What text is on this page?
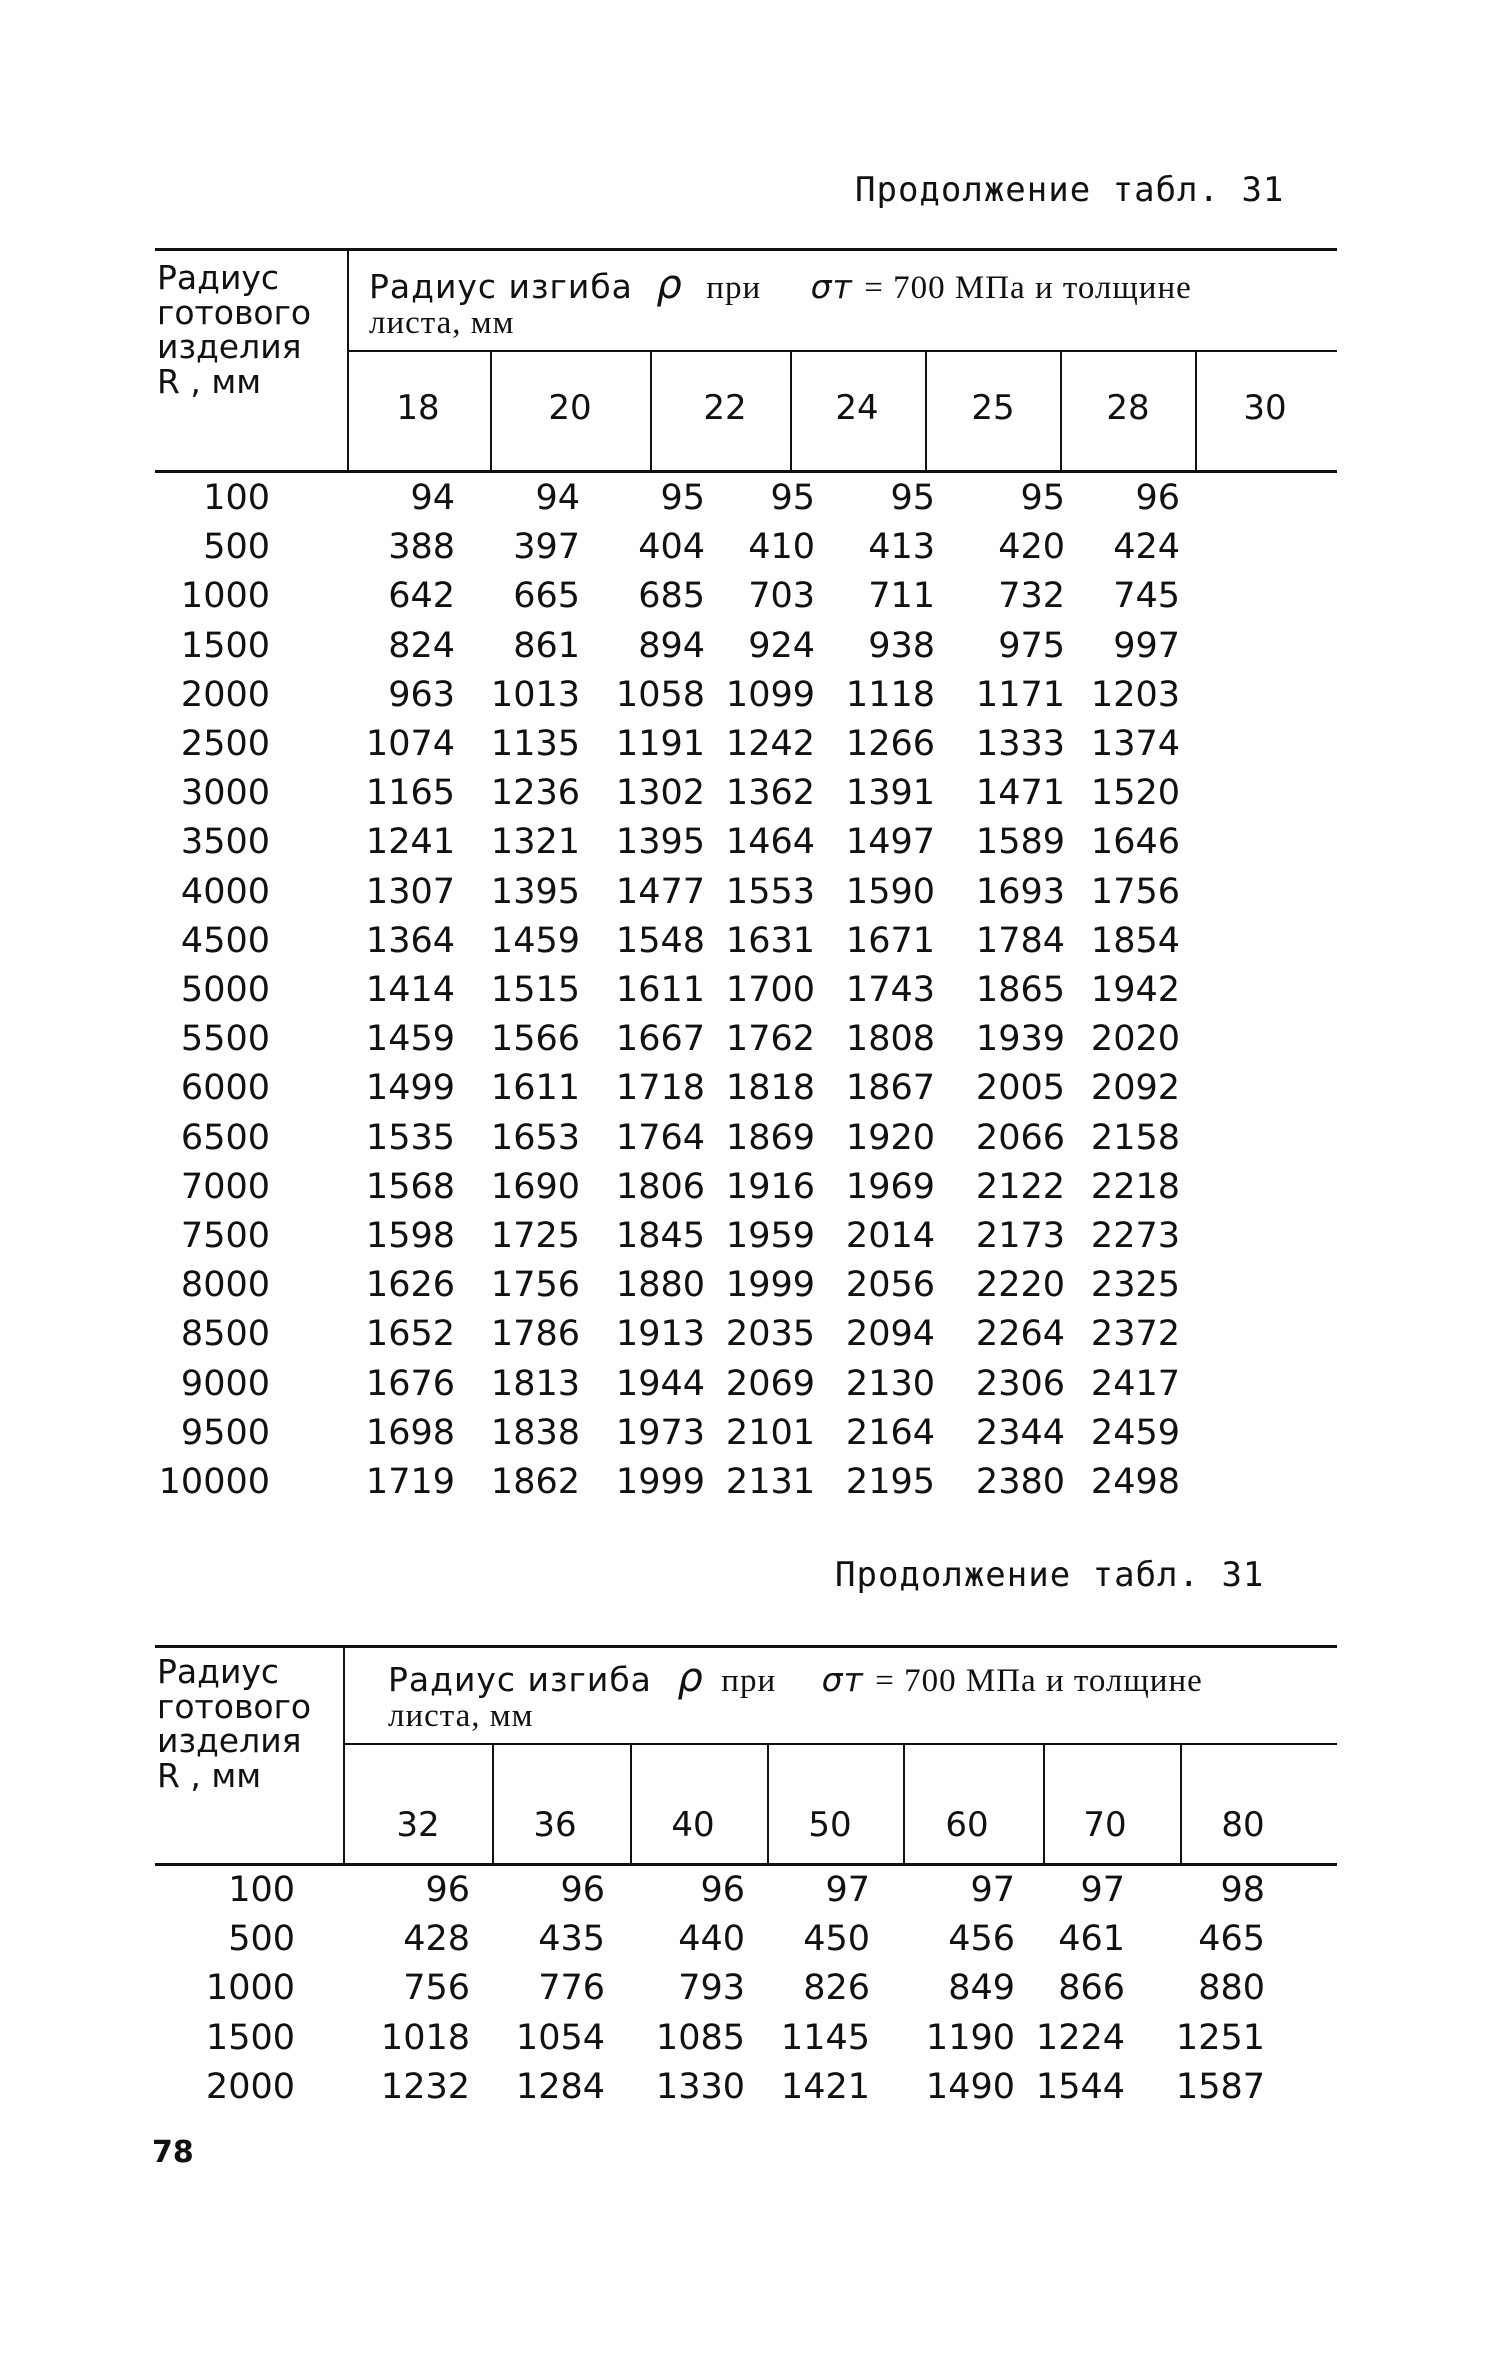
Продолжение табл. 31
Радиус
готового
изделия
R , мм
Радиус изгиба ρ при σт = 700 МПа и толщине
листа, мм
18	20	22	24	25	28	30
100	94	94	95	95	95	95	96
500	388	397	404	410	413	420	424
1000	642	665	685	703	711	732	745
1500	824	861	894	924	938	975	997
2000	963	1013	1058 1099 1118	1171 1203
2500	1074	1135	1191 1242 1266	1333 1374
3000	1165	1236	1302 1362 1391	1471 1520
3500	1241	1321	1395 1464 1497	1589 1646
4000	1307	1395	1477 1553 1590	1693 1756
4500	1364	1459	1548 1631 1671	1784 1854
5000	1414	1515	1611 1700 1743	1865 1942
5500	1459	1566	1667 1762 1808	1939 2020
6000	1499	1611	1718 1818 1867	2005 2092
6500	1535	1653	1764 1869 1920	2066 2158
7000	1568	1690	1806 1916 1969	2122 2218
7500	1598	1725	1845 1959 2014	2173 2273
8000	1626	1756	1880 1999 2056	2220 2325
8500	1652	1786	1913 2035 2094	2264 2372
9000	1676	1813	1944 2069 2130	2306 2417
9500	1698	1838	1973 2101 2164	2344 2459
10000	1719	1862	1999 2131 2195	2380 2498
Продолжение табл. 31
Радиус
готового
изделия
R , мм
Радиус изгиба ρ при σт = 700 МПа и толщине
листа, мм
32	36	40	50	60	70	80
100	96	96	96	97	97	97	98
500	428	435	440	450	456	461	465
1000	756	776	793	826	849	866	880
1500	1018	1054	1085	1145	1190 1224	1251
2000	1232	1284	1330	1421	1490 1544	1587
78
